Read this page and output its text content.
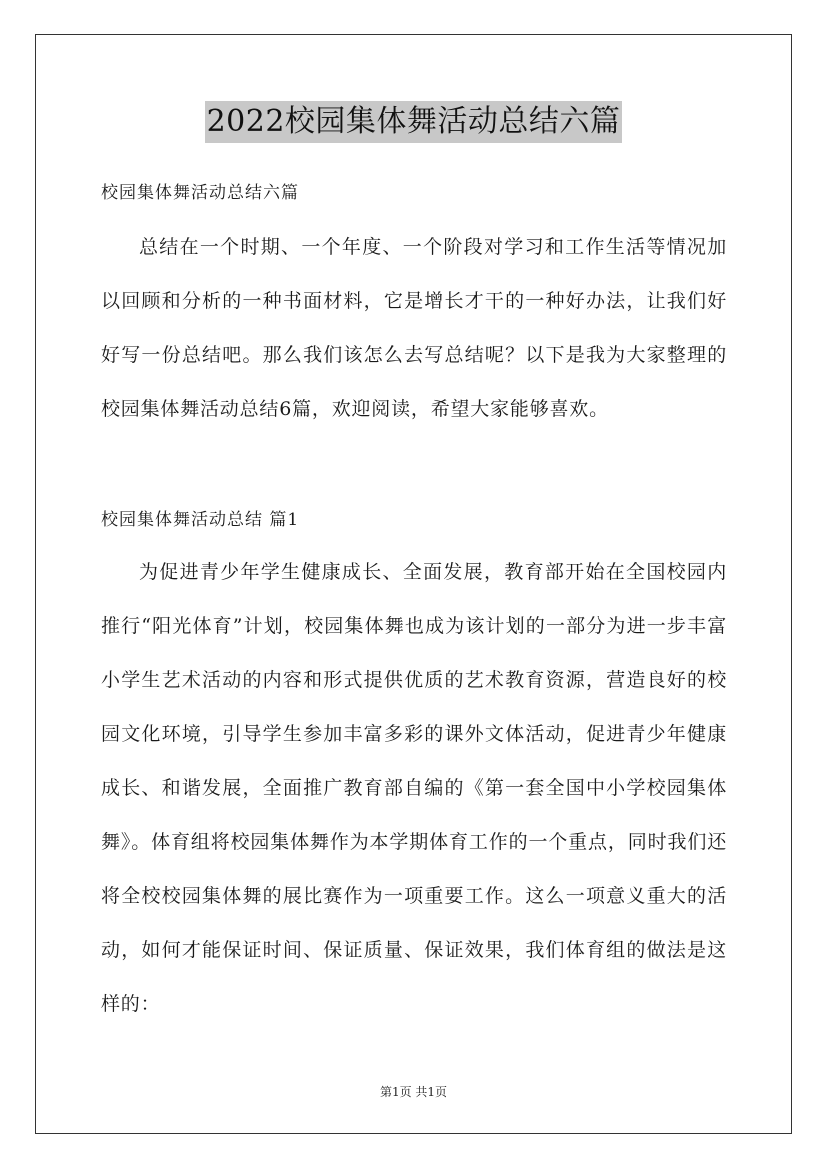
2022校园集体舞活动总结六篇
校园集体舞活动总结六篇

总结在一个时期、一个年度、一个阶段对学习和工作生活等情况加以回顾和分析的一种书面材料，它是增长才干的一种好办法，让我们好好写一份总结吧。那么我们该怎么去写总结呢？以下是我为大家整理的校园集体舞活动总结6篇，欢迎阅读，希望大家能够喜欢。

校园集体舞活动总结 篇1

为促进青少年学生健康成长、全面发展，教育部开始在全国校园内推行“阳光体育”计划，校园集体舞也成为该计划的一部分为进一步丰富小学生艺术活动的内容和形式提供优质的艺术教育资源，营造良好的校园文化环境，引导学生参加丰富多彩的课外文体活动，促进青少年健康成长、和谐发展，全面推广教育部自编的《第一套全国中小学校园集体舞》。体育组将校园集体舞作为本学期体育工作的一个重点，同时我们还将全校校园集体舞的展比赛作为一项重要工作。这么一项意义重大的活动，如何才能保证时间、保证质量、保证效果，我们体育组的做法是这样的：

第1页 共1页
